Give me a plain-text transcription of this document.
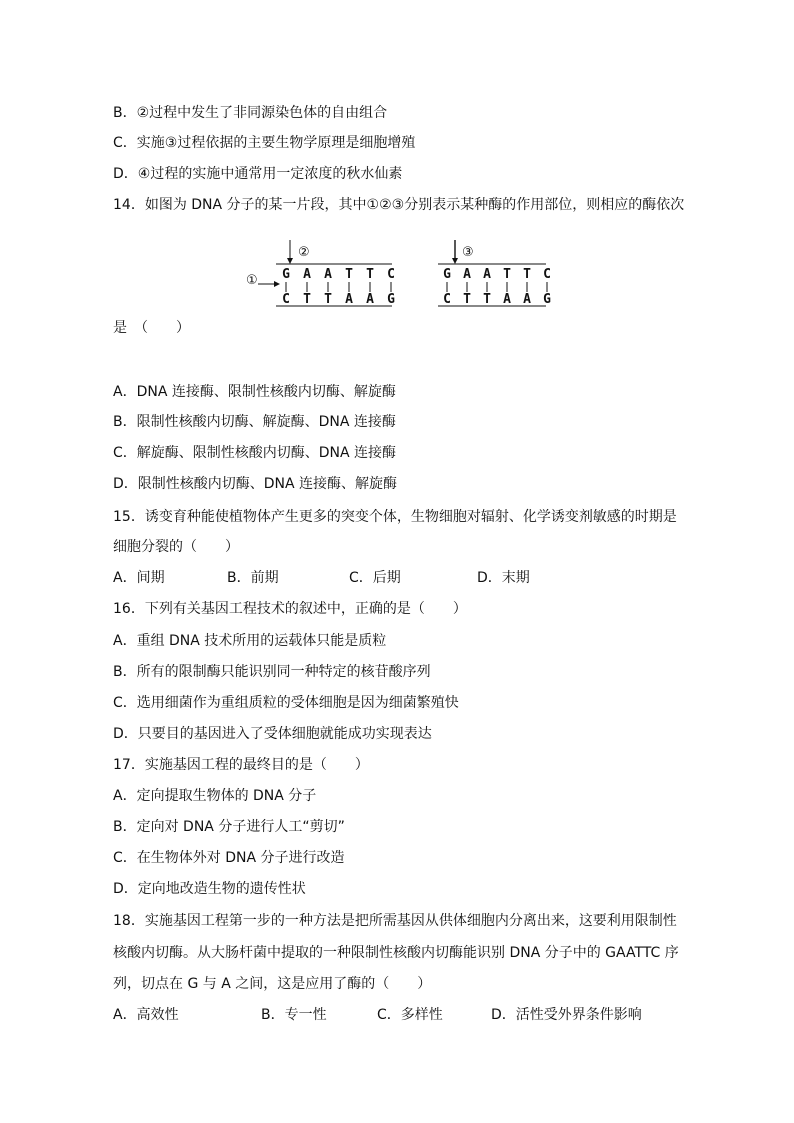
B．②过程中发生了非同源染色体的自由组合
C．实施③过程依据的主要生物学原理是细胞增殖
D．④过程的实施中通常用一定浓度的秋水仙素
14．如图为 DNA 分子的某一片段，其中①②③分别表示某种酶的作用部位，则相应的酶依次
①
②
G A A T T C
C T T A A G
③
G A A T T C
C T T A A G
是　（　　）
A．DNA 连接酶、限制性核酸内切酶、解旋酶
B．限制性核酸内切酶、解旋酶、DNA 连接酶
C．解旋酶、限制性核酸内切酶、DNA 连接酶
D．限制性核酸内切酶、DNA 连接酶、解旋酶
15．诱变育种能使植物体产生更多的突变个体，生物细胞对辐射、化学诱变剂敏感的时期是
细胞分裂的（　　）
A．间期	B．前期	C．后期	D．末期
16．下列有关基因工程技术的叙述中，正确的是（　　）
A．重组 DNA 技术所用的运载体只能是质粒
B．所有的限制酶只能识别同一种特定的核苷酸序列
C．选用细菌作为重组质粒的受体细胞是因为细菌繁殖快
D．只要目的基因进入了受体细胞就能成功实现表达
17．实施基因工程的最终目的是（　　）
A．定向提取生物体的 DNA 分子
B．定向对 DNA 分子进行人工“剪切”
C．在生物体外对 DNA 分子进行改造
D．定向地改造生物的遗传性状
18．实施基因工程第一步的一种方法是把所需基因从供体细胞内分离出来，这要利用限制性
核酸内切酶。从大肠杆菌中提取的一种限制性核酸内切酶能识别 DNA 分子中的 GAATTC 序
列，切点在 G 与 A 之间，这是应用了酶的（　　）
A．高效性	B．专一性	C．多样性	D．活性受外界条件影响
